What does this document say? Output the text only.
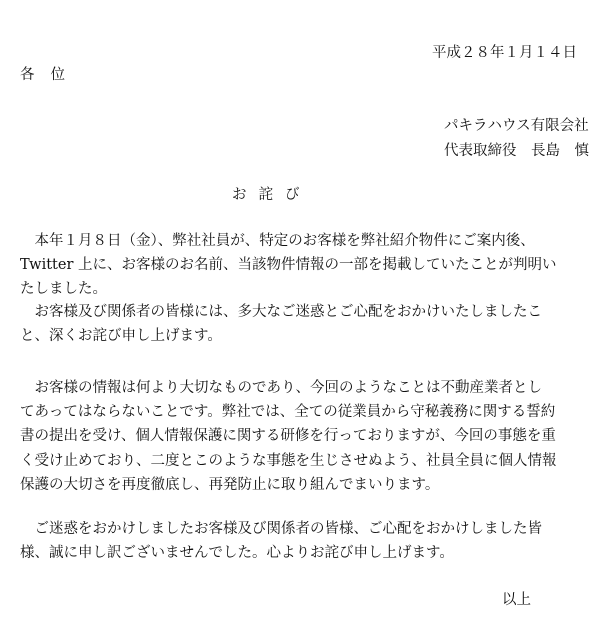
平成２８年１月１４日
各位
パキラハウス有限会社
代表取締役　長島　慎
お詫び
　本年１月８日（金）、弊社社員が、特定のお客様を弊社紹介物件にご案内後、
Twitter 上に、お客様のお名前、当該物件情報の一部を掲載していたことが判明い
たしました。
　お客様及び関係者の皆様には、多大なご迷惑とご心配をおかけいたしましたこ
と、深くお詫び申し上げます。
　お客様の情報は何より大切なものであり、今回のようなことは不動産業者とし
てあってはならないことです。弊社では、全ての従業員から守秘義務に関する誓約
書の提出を受け、個人情報保護に関する研修を行っておりますが、今回の事態を重
く受け止めており、二度とこのような事態を生じさせぬよう、社員全員に個人情報
保護の大切さを再度徹底し、再発防止に取り組んでまいります。
　ご迷惑をおかけしましたお客様及び関係者の皆様、ご心配をおかけしました皆
様、誠に申し訳ございませんでした。心よりお詫び申し上げます。
以上
